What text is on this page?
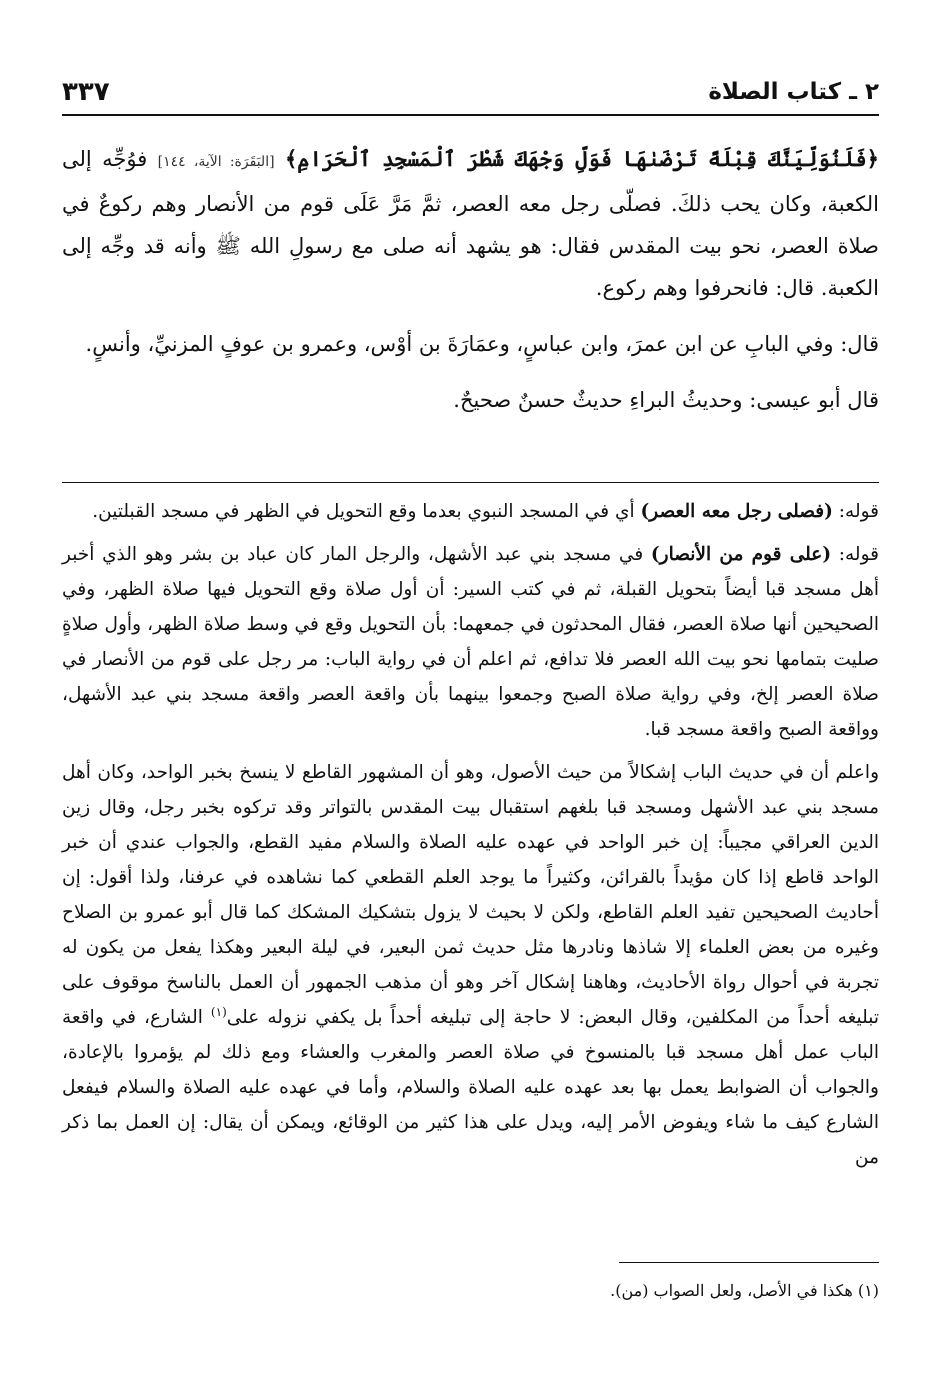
٢ ـ كتاب الصلاة
٣٣٧

﴿فَلَنُوَلِّيَنَّكَ قِبْلَةً تَرْضَىٰهَا فَوَلِّ وَجْهَكَ شَطْرَ ٱلْمَسْجِدِ ٱلْحَرَامِ﴾ [البَقَرَة: الآية، ١٤٤] فوُجِّه إلى الكعبة، وكان يحب ذلكَ. فصلّى رجل معه العصر، ثمَّ مَرَّ عَلَى قوم من الأنصار وهم ركوعٌ في صلاة العصر، نحو بيت المقدس فقال: هو يشهد أنه صلى مع رسولِ الله ﷺ وأنه قد وجِّه إلى الكعبة. قال: فانحرفوا وهم ركوع.

قال: وفي البابِ عن ابن عمرَ، وابن عباسٍ، وعمَارَةَ بن أوْس، وعمرو بن عوفٍ المزنيِّ، وأنسٍ.

قال أبو عيسى: وحديثُ البراءِ حديثٌ حسنٌ صحيحٌ.

قوله: (فصلى رجل معه العصر) أي في المسجد النبوي بعدما وقع التحويل في الظهر في مسجد القبلتين.

قوله: (على قوم من الأنصار) في مسجد بني عبد الأشهل، والرجل المار كان عباد بن بشر وهو الذي أخبر أهل مسجد قبا أيضاً بتحويل القبلة، ثم في كتب السير: أن أول صلاة وقع التحويل فيها صلاة الظهر، وفي الصحيحين أنها صلاة العصر، فقال المحدثون في جمعهما: بأن التحويل وقع في وسط صلاة الظهر، وأول صلاةٍ صليت بتمامها نحو بيت الله العصر فلا تدافع، ثم اعلم أن في رواية الباب: مر رجل على قوم من الأنصار في صلاة العصر إلخ، وفي رواية صلاة الصبح وجمعوا بينهما بأن واقعة العصر واقعة مسجد بني عبد الأشهل، وواقعة الصبح واقعة مسجد قبا.

واعلم أن في حديث الباب إشكالاً من حيث الأصول، وهو أن المشهور القاطع لا ينسخ بخبر الواحد، وكان أهل مسجد بني عبد الأشهل ومسجد قبا بلغهم استقبال بيت المقدس بالتواتر وقد تركوه بخبر رجل، وقال زين الدين العراقي مجيباً: إن خبر الواحد في عهده عليه الصلاة والسلام مفيد القطع، والجواب عندي أن خبر الواحد قاطع إذا كان مؤيداً بالقرائن، وكثيراً ما يوجد العلم القطعي كما نشاهده في عرفنا، ولذا أقول: إن أحاديث الصحيحين تفيد العلم القاطع، ولكن لا بحيث لا يزول بتشكيك المشكك كما قال أبو عمرو بن الصلاح وغيره من بعض العلماء إلا شاذها ونادرها مثل حديث ثمن البعير، في ليلة البعير وهكذا يفعل من يكون له تجربة في أحوال رواة الأحاديث، وهاهنا إشكال آخر وهو أن مذهب الجمهور أن العمل بالناسخ موقوف على تبليغه أحداً من المكلفين، وقال البعض: لا حاجة إلى تبليغه أحداً بل يكفي نزوله على$^{(١)}$ الشارع، في واقعة الباب عمل أهل مسجد قبا بالمنسوخ في صلاة العصر والمغرب والعشاء ومع ذلك لم يؤمروا بالإعادة، والجواب أن الضوابط يعمل بها بعد عهده عليه الصلاة والسلام، وأما في عهده عليه الصلاة والسلام فيفعل الشارع كيف ما شاء ويفوض الأمر إليه، ويدل على هذا كثير من الوقائع، ويمكن أن يقال: إن العمل بما ذكر من

(١) هكذا في الأصل، ولعل الصواب (من).
